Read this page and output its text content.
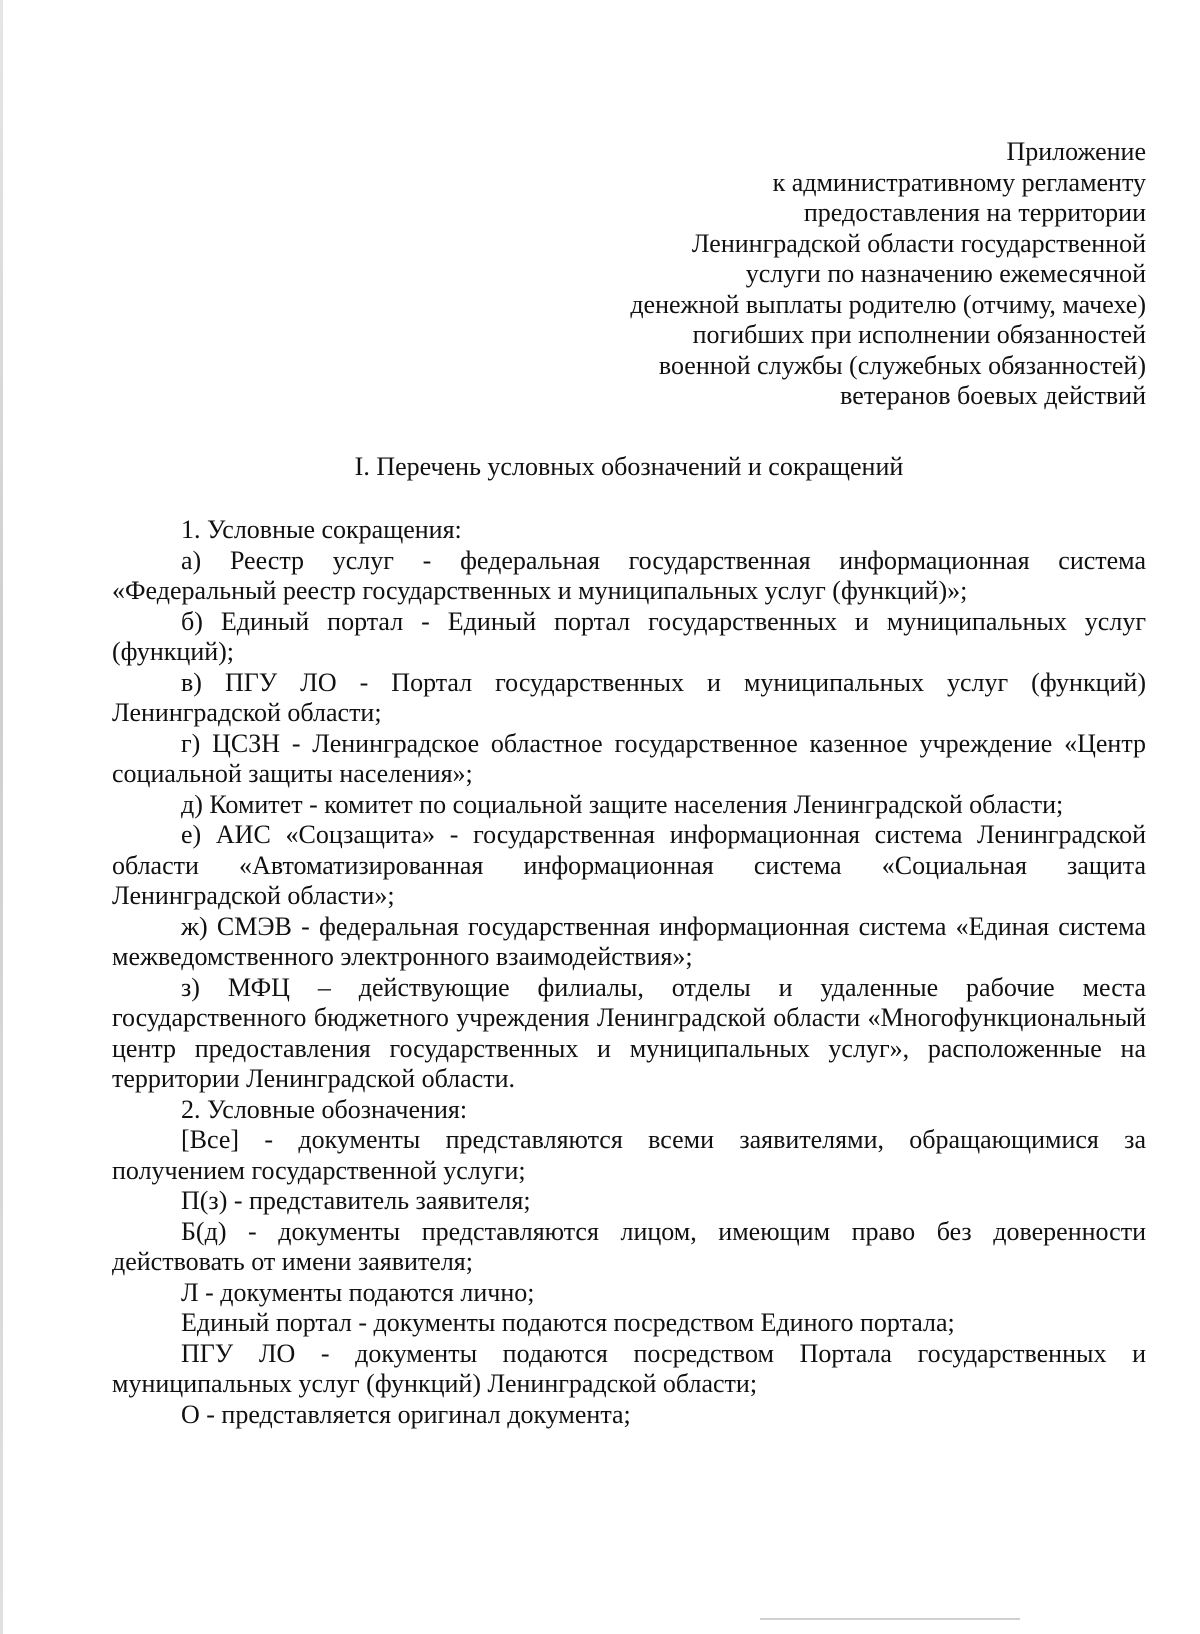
Приложение
к административному регламенту
предоставления на территории
Ленинградской области государственной
услуги по назначению ежемесячной
денежной выплаты родителю (отчиму, мачехе)
погибших при исполнении обязанностей
военной службы (служебных обязанностей)
ветеранов боевых действий
I. Перечень условных обозначений и сокращений

1. Условные сокращения:

а) Реестр услуг - федеральная государственная информационная система «Федеральный реестр государственных и муниципальных услуг (функций)»;

б) Единый портал - Единый портал государственных и муниципальных услуг (функций);

в) ПГУ ЛО - Портал государственных и муниципальных услуг (функций) Ленинградской области;

г) ЦСЗН - Ленинградское областное государственное казенное учреждение «Центр социальной защиты населения»;

д) Комитет - комитет по социальной защите населения Ленинградской области;

е) АИС «Соцзащита» - государственная информационная система Ленинградской области «Автоматизированная информационная система «Социальная защита Ленинградской области»;

ж) СМЭВ - федеральная государственная информационная система «Единая система межведомственного электронного взаимодействия»;

з) МФЦ – действующие филиалы, отделы и удаленные рабочие места государственного бюджетного учреждения Ленинградской области «Многофункциональный центр предоставления государственных и муниципальных услуг», расположенные на территории Ленинградской области.

2. Условные обозначения:

[Все] - документы представляются всеми заявителями, обращающимися за получением государственной услуги;

П(з) - представитель заявителя;

Б(д) - документы представляются лицом, имеющим право без доверенности действовать от имени заявителя;

Л - документы подаются лично;

Единый портал - документы подаются посредством Единого портала;

ПГУ ЛО - документы подаются посредством Портала государственных и муниципальных услуг (функций) Ленинградской области;

О - представляется оригинал документа;
